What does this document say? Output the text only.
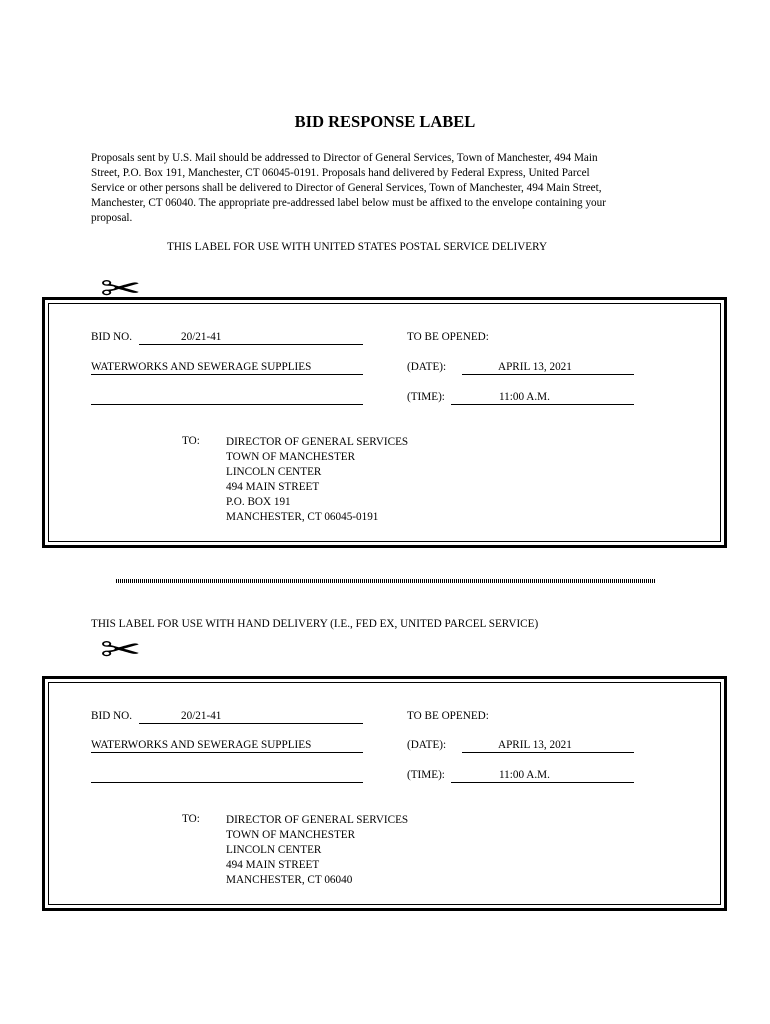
BID RESPONSE LABEL
Proposals sent by U.S. Mail should be addressed to Director of General Services, Town of Manchester, 494 Main
Street, P.O. Box 191, Manchester, CT 06045-0191. Proposals hand delivered by Federal Express, United Parcel
Service or other persons shall be delivered to Director of General Services, Town of Manchester, 494 Main Street,
Manchester, CT 06040. The appropriate pre-addressed label below must be affixed to the envelope containing your
proposal.
THIS LABEL FOR USE WITH UNITED STATES POSTAL SERVICE DELIVERY
✂
BID NO.	20/21-41	TO BE OPENED:
WATERWORKS AND SEWERAGE SUPPLIES	(DATE):	APRIL 13, 2021
(TIME):	11:00 A.M.
TO: DIRECTOR OF GENERAL SERVICES
TOWN OF MANCHESTER
LINCOLN CENTER
494 MAIN STREET
P.O. BOX 191
MANCHESTER, CT 06045-0191
THIS LABEL FOR USE WITH HAND DELIVERY (I.E., FED EX, UNITED PARCEL SERVICE)
✂
BID NO.	20/21-41	TO BE OPENED:
WATERWORKS AND SEWERAGE SUPPLIES	(DATE):	APRIL 13, 2021
(TIME):	11:00 A.M.
TO: DIRECTOR OF GENERAL SERVICES
TOWN OF MANCHESTER
LINCOLN CENTER
494 MAIN STREET
MANCHESTER, CT 06040
